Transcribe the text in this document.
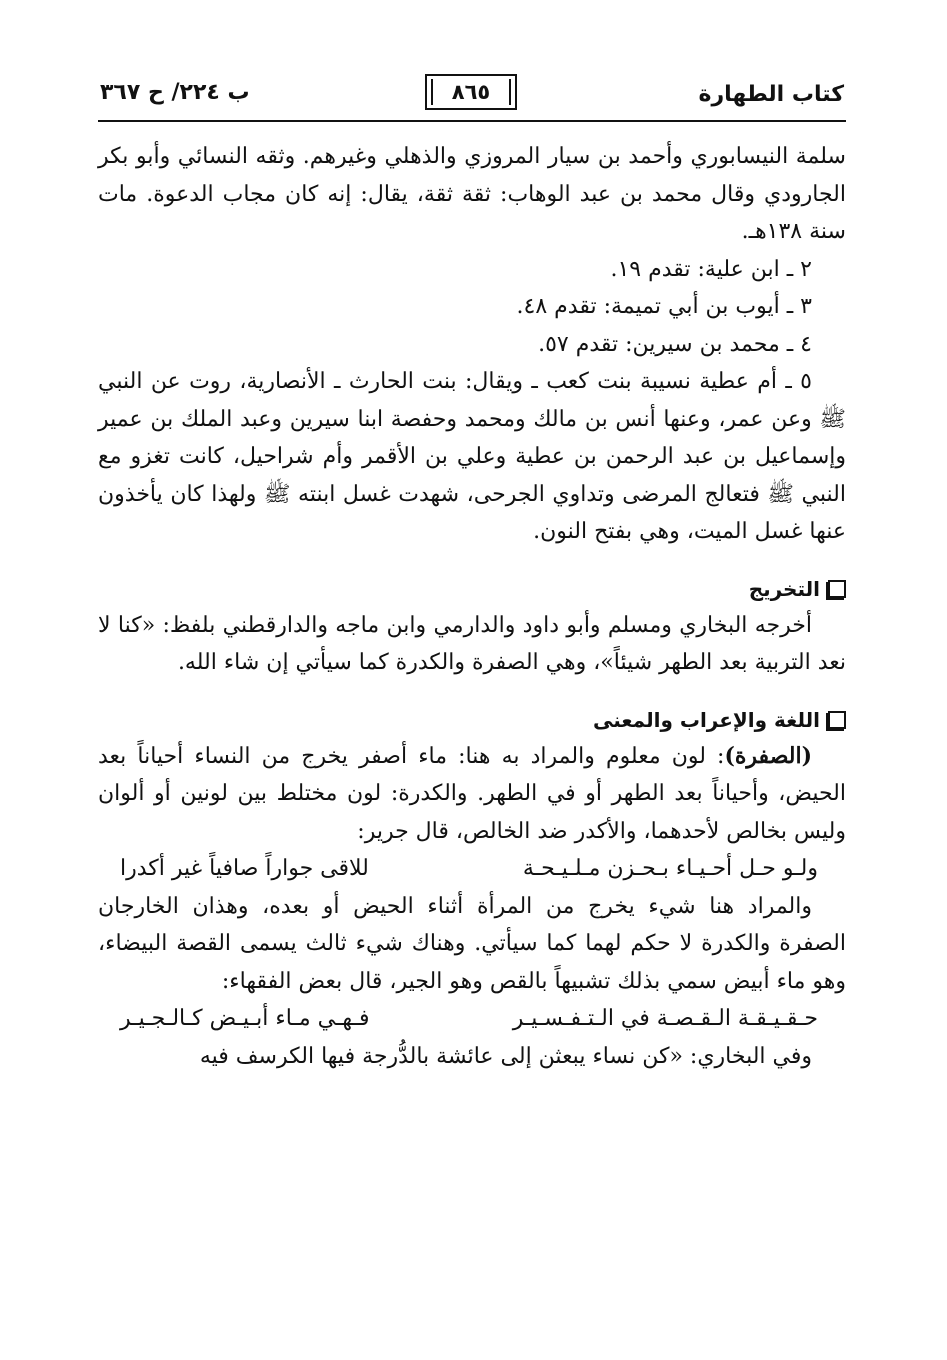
كتاب الطهارة
٨٦٥
ب ٢٢٤/ ح ٣٦٧

سلمة النيسابوري وأحمد بن سيار المروزي والذهلي وغيرهم. وثقه النسائي وأبو بكر الجارودي وقال محمد بن عبد الوهاب: ثقة ثقة، يقال: إنه كان مجاب الدعوة. مات سنة ١٣٨هـ.

٢ ـ ابن علية: تقدم ١٩.

٣ ـ أيوب بن أبي تميمة: تقدم ٤٨.

٤ ـ محمد بن سيرين: تقدم ٥٧.

٥ ـ أم عطية نسيبة بنت كعب ـ ويقال: بنت الحارث ـ الأنصارية، روت عن النبي ﷺ وعن عمر، وعنها أنس بن مالك ومحمد وحفصة ابنا سيرين وعبد الملك بن عمير وإسماعيل بن عبد الرحمن بن عطية وعلي بن الأقمر وأم شراحيل، كانت تغزو مع النبي ﷺ فتعالج المرضى وتداوي الجرحى، شهدت غسل ابنته ﷺ ولهذا كان يأخذون عنها غسل الميت، وهي بفتح النون.

التخريج

أخرجه البخاري ومسلم وأبو داود والدارمي وابن ماجه والدارقطني بلفظ: «كنا لا نعد التربية بعد الطهر شيئاً»، وهي الصفرة والكدرة كما سيأتي إن شاء الله.

اللغة والإعراب والمعنى

(الصفرة): لون معلوم والمراد به هنا: ماء أصفر يخرج من النساء أحياناً بعد الحيض، وأحياناً بعد الطهر أو في الطهر. والكدرة: لون مختلط بين لونين أو ألوان وليس بخالص لأحدهما، والأكدر ضد الخالص، قال جرير:

ولـو حـل أحـيـاء بـحـزن مـلـيـحـة
للاقى جواراً صافياً غير أكدرا

والمراد هنا شيء يخرج من المرأة أثناء الحيض أو بعده، وهذان الخارجان الصفرة والكدرة لا حكم لهما كما سيأتي. وهناك شيء ثالث يسمى القصة البيضاء، وهو ماء أبيض سمي بذلك تشبيهاً بالقص وهو الجير، قال بعض الفقهاء:

حـقـيـقـة الـقـصـة في الـتـفـسـيـر
فـهـي مـاء أبـيـض كـالـجـيـر

وفي البخاري: «كن نساء يبعثن إلى عائشة بالدُّرجة فيها الكرسف فيه
